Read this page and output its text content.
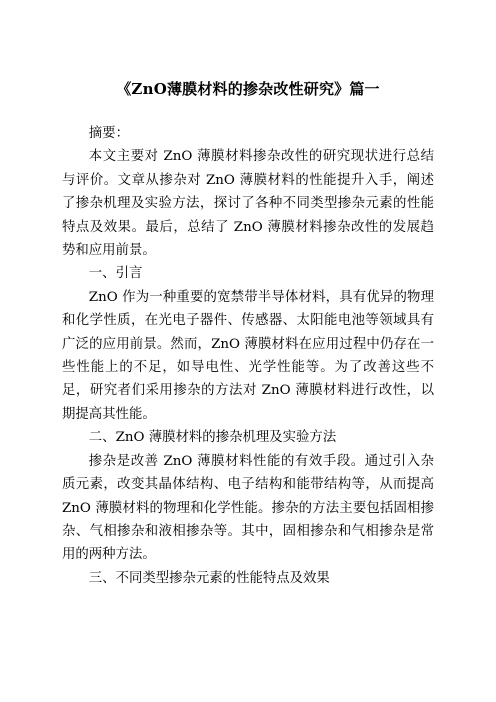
《ZnO薄膜材料的掺杂改性研究》篇一

摘要：

本文主要对 ZnO 薄膜材料掺杂改性的研究现状进行总结与评价。文章从掺杂对 ZnO 薄膜材料的性能提升入手，阐述了掺杂机理及实验方法，探讨了各种不同类型掺杂元素的性能特点及效果。最后，总结了 ZnO 薄膜材料掺杂改性的发展趋势和应用前景。

一、引言

ZnO 作为一种重要的宽禁带半导体材料，具有优异的物理和化学性质，在光电子器件、传感器、太阳能电池等领域具有广泛的应用前景。然而，ZnO 薄膜材料在应用过程中仍存在一些性能上的不足，如导电性、光学性能等。为了改善这些不足，研究者们采用掺杂的方法对 ZnO 薄膜材料进行改性，以期提高其性能。

二、ZnO 薄膜材料的掺杂机理及实验方法

掺杂是改善 ZnO 薄膜材料性能的有效手段。通过引入杂质元素，改变其晶体结构、电子结构和能带结构等，从而提高 ZnO 薄膜材料的物理和化学性能。掺杂的方法主要包括固相掺杂、气相掺杂和液相掺杂等。其中，固相掺杂和气相掺杂是常用的两种方法。

三、不同类型掺杂元素的性能特点及效果
